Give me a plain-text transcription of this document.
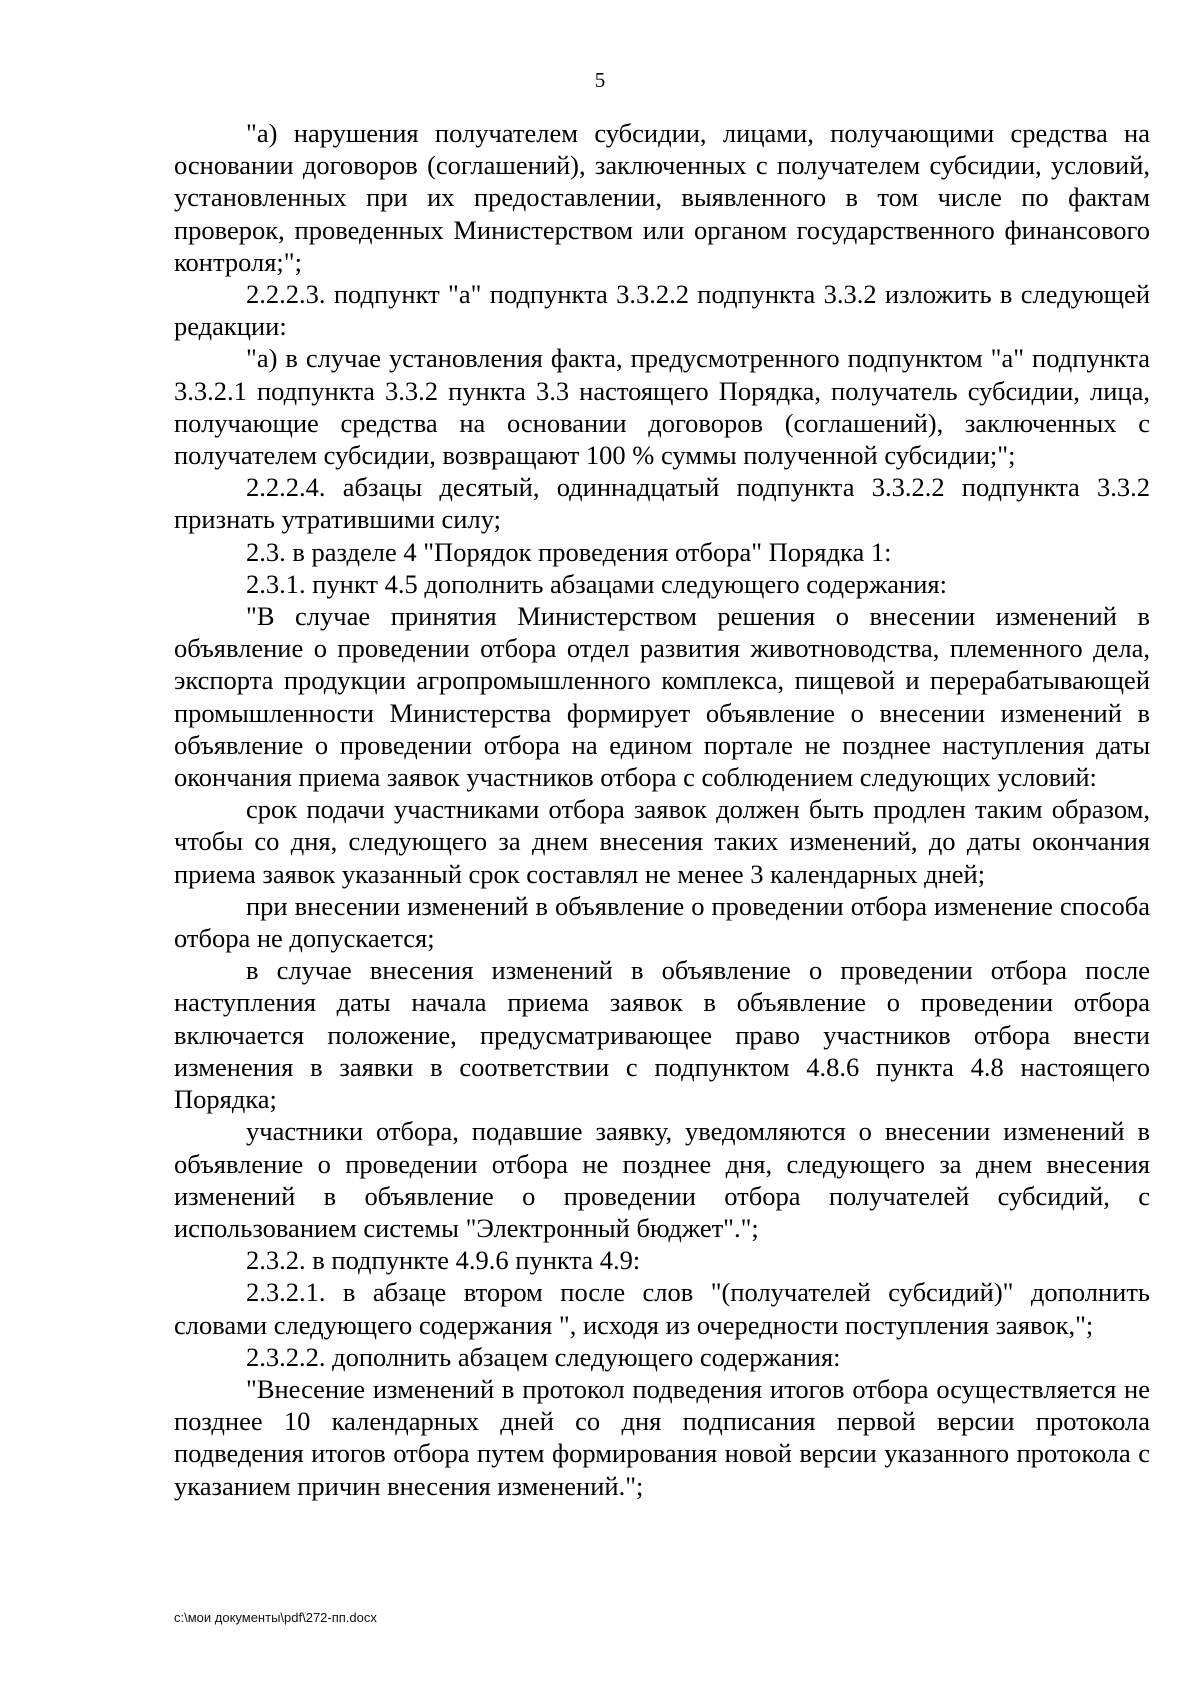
5

"а) нарушения получателем субсидии, лицами, получающими средства на основании договоров (соглашений), заключенных с получателем субсидии, условий, установленных при их предоставлении, выявленного в том числе по фактам проверок, проведенных Министерством или органом государственного финансового контроля;";

2.2.2.3. подпункт "а" подпункта 3.3.2.2 подпункта 3.3.2 изложить в следующей редакции:

"а) в случае установления факта, предусмотренного подпунктом "а" подпункта 3.3.2.1 подпункта 3.3.2 пункта 3.3 настоящего Порядка, получатель субсидии, лица, получающие средства на основании договоров (соглашений), заключенных с получателем субсидии, возвращают 100 % суммы полученной субсидии;";

2.2.2.4. абзацы десятый, одиннадцатый подпункта 3.3.2.2 подпункта 3.3.2 признать утратившими силу;

2.3. в разделе 4 "Порядок проведения отбора" Порядка 1:

2.3.1. пункт 4.5 дополнить абзацами следующего содержания:

"В случае принятия Министерством решения о внесении изменений в объявление о проведении отбора отдел развития животноводства, племенного дела, экспорта продукции агропромышленного комплекса, пищевой и перерабатывающей промышленности Министерства формирует объявление о внесении изменений в объявление о проведении отбора на едином портале не позднее наступления даты окончания приема заявок участников отбора с соблюдением следующих условий:

срок подачи участниками отбора заявок должен быть продлен таким образом, чтобы со дня, следующего за днем внесения таких изменений, до даты окончания приема заявок указанный срок составлял не менее 3 календарных дней;

при внесении изменений в объявление о проведении отбора изменение способа отбора не допускается;

в случае внесения изменений в объявление о проведении отбора после наступления даты начала приема заявок в объявление о проведении отбора включается положение, предусматривающее право участников отбора внести изменения в заявки в соответствии с подпунктом 4.8.6 пункта 4.8 настоящего Порядка;

участники отбора, подавшие заявку, уведомляются о внесении изменений в объявление о проведении отбора не позднее дня, следующего за днем внесения изменений в объявление о проведении отбора получателей субсидий, с использованием системы "Электронный бюджет".";

2.3.2. в подпункте 4.9.6 пункта 4.9:

2.3.2.1. в абзаце втором после слов "(получателей субсидий)" дополнить словами следующего содержания ", исходя из очередности поступления заявок,";

2.3.2.2. дополнить абзацем следующего содержания:

"Внесение изменений в протокол подведения итогов отбора осуществляется не позднее 10 календарных дней со дня подписания первой версии протокола подведения итогов отбора путем формирования новой версии указанного протокола с указанием причин внесения изменений.";

c:\мои документы\pdf\272-пп.docx
